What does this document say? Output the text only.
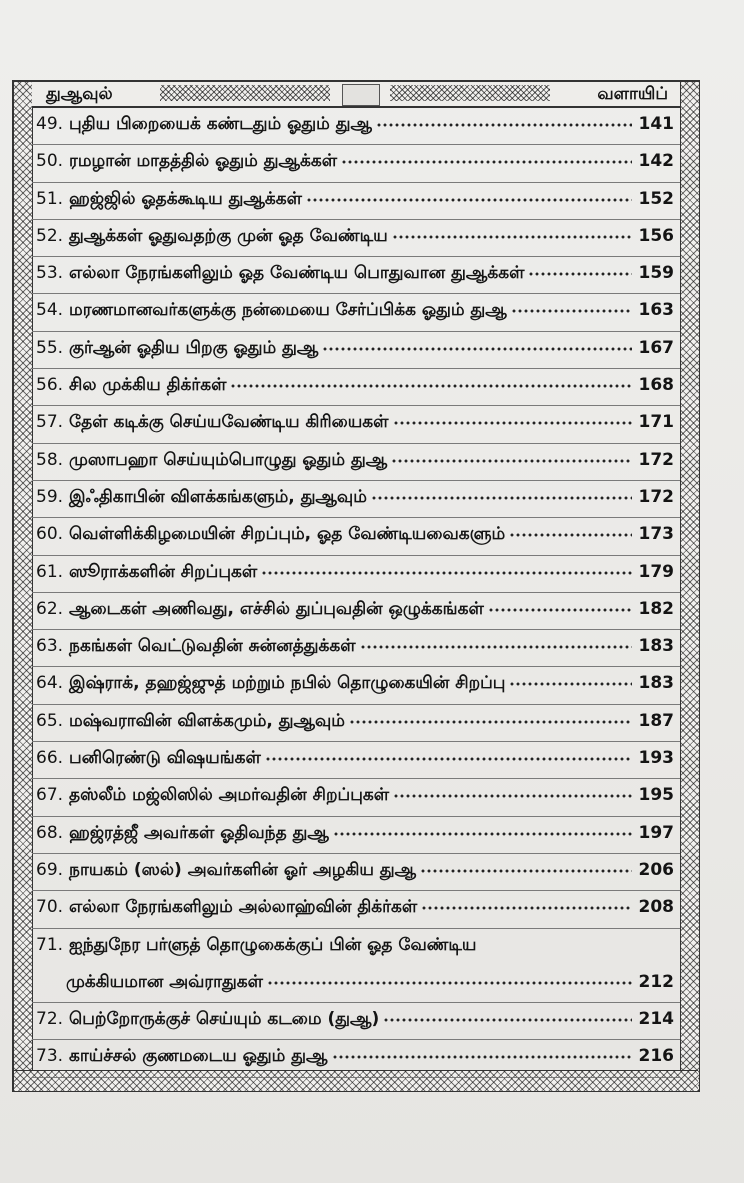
துஆவுல்	வளாயிப்
49. புதிய பிறையைக் கண்டதும் ஓதும் துஆ	141
50. ரமழான் மாதத்தில் ஓதும் துஆக்கள்	142
51. ஹஜ்ஜில் ஓதக்கூடிய துஆக்கள்	152
52. துஆக்கள் ஓதுவதற்கு முன் ஓத வேண்டிய	156
53. எல்லா நேரங்களிலும் ஓத வேண்டிய பொதுவான துஆக்கள்	159
54. மரணமானவர்களுக்கு நன்மையை சேர்ப்பிக்க ஓதும் துஆ	163
55. குர்ஆன் ஓதிய பிறகு ஓதும் துஆ	167
56. சில முக்கிய திக்ர்கள்	168
57. தேள் கடிக்கு செய்யவேண்டிய கிரியைகள்	171
58. முஸாபஹா செய்யும்பொழுது ஓதும் துஆ	172
59. இஃதிகாபின் விளக்கங்களும், துஆவும்	172
60. வெள்ளிக்கிழமையின் சிறப்பும், ஓத வேண்டியவைகளும்	173
61. ஸூராக்களின் சிறப்புகள்	179
62. ஆடைகள் அணிவது, எச்சில் துப்புவதின் ஒழுக்கங்கள்	182
63. நகங்கள் வெட்டுவதின் சுன்னத்துக்கள்	183
64. இஷ்ராக், தஹஜ்ஜுத் மற்றும் நபில் தொழுகையின் சிறப்பு	183
65. மஷ்வராவின் விளக்கமும், துஆவும்	187
66. பனிரெண்டு விஷயங்கள்	193
67. தஸ்லீம் மஜ்லிஸில் அமர்வதின் சிறப்புகள்	195
68. ஹஜ்ரத்ஜீ அவர்கள் ஓதிவந்த துஆ	197
69. நாயகம் (ஸல்) அவர்களின் ஓர் அழகிய துஆ	206
70. எல்லா நேரங்களிலும் அல்லாஹ்வின் திக்ர்கள்	208
71. ஐந்துநேர பர்ளுத் தொழுகைக்குப் பின் ஓத வேண்டிய
முக்கியமான அவ்ராதுகள்	212
72. பெற்றோருக்குச் செய்யும் கடமை (துஆ)	214
73. காய்ச்சல் குணமடைய ஓதும் துஆ	216
